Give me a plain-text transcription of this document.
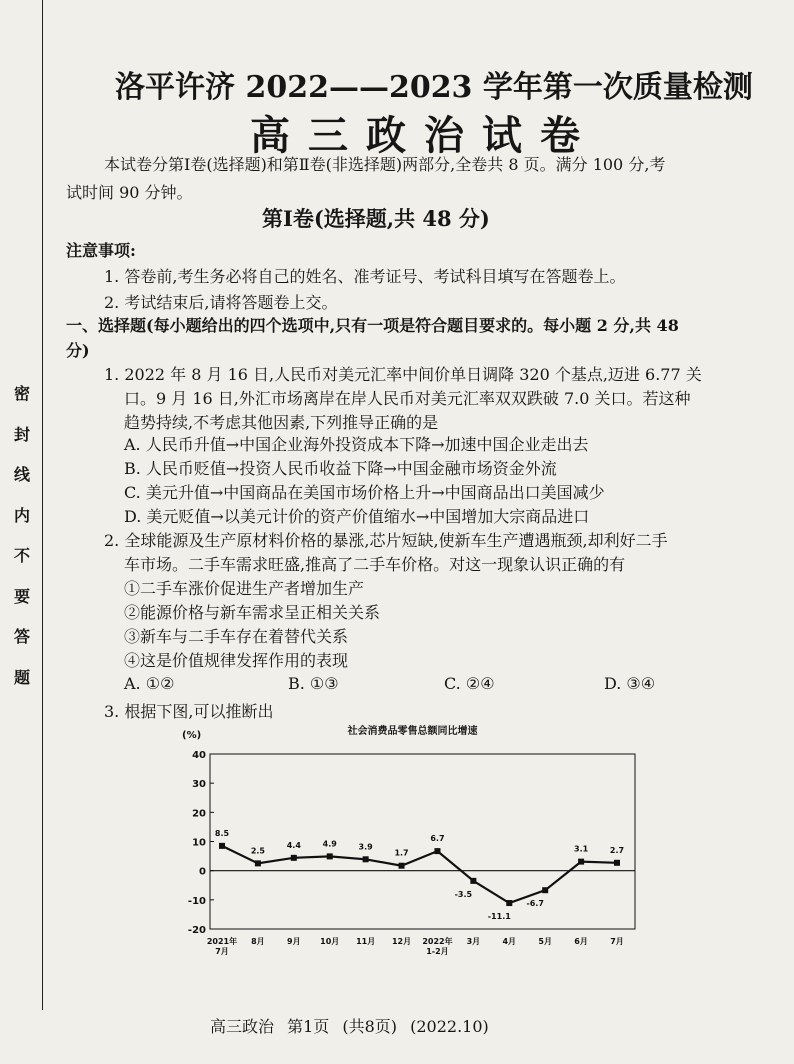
密
封
线
内
不
要
答
题
洛平许济 2022——2023 学年第一次质量检测
高三政治试卷
本试卷分第Ⅰ卷(选择题)和第Ⅱ卷(非选择题)两部分,全卷共 8 页。满分 100 分,考
试时间 90 分钟。
第Ⅰ卷(选择题,共 48 分)
注意事项:
1. 答卷前,考生务必将自己的姓名、准考证号、考试科目填写在答题卷上。
2. 考试结束后,请将答题卷上交。
一、选择题(每小题给出的四个选项中,只有一项是符合题目要求的。每小题 2 分,共 48
分)
1. 2022 年 8 月 16 日,人民币对美元汇率中间价单日调降 320 个基点,迈进 6.77 关
口。9 月 16 日,外汇市场离岸在岸人民币对美元汇率双双跌破 7.0 关口。若这种
趋势持续,不考虑其他因素,下列推导正确的是
A. 人民币升值→中国企业海外投资成本下降→加速中国企业走出去
B. 人民币贬值→投资人民币收益下降→中国金融市场资金外流
C. 美元升值→中国商品在美国市场价格上升→中国商品出口美国减少
D. 美元贬值→以美元计价的资产价值缩水→中国增加大宗商品进口
2. 全球能源及生产原材料价格的暴涨,芯片短缺,使新车生产遭遇瓶颈,却利好二手
车市场。二手车需求旺盛,推高了二手车价格。对这一现象认识正确的有
①二手车涨价促进生产者增加生产
②能源价格与新车需求呈正相关关系
③新车与二手车存在着替代关系
④这是价值规律发挥作用的表现
A. ①②	B. ①③	C. ②④	D. ③④
3. 根据下图,可以推断出
社会消费品零售总额同比增速
(%)
40
30
20
10
0
-10
-20
2021年 7月
8月	9月 10月 11月 12月 2022年 1-2月
3月	4月	5月	6月	7月
8.5
2.5
4.4	4.9	3.9
1.7
6.7
-3.5
-11.1
-6.7
3.1	2.7
高三政治 第1页 (共8页) (2022.10)
